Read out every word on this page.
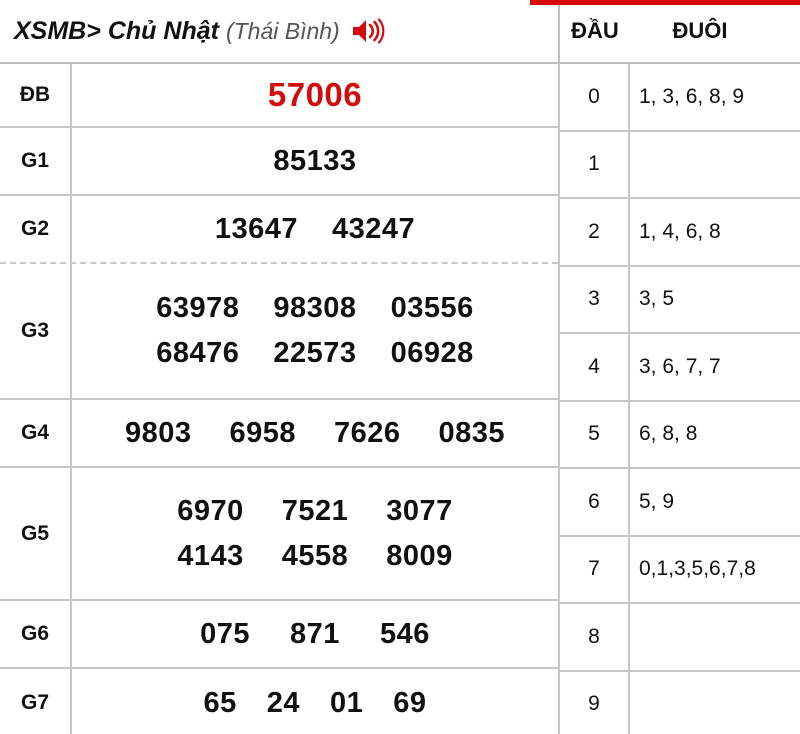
XSMB> Chủ Nhật (Thái Bình)	ĐẦU	ĐUÔI
ĐB	57006
G1	85133
G2	13647 43247
G3
63978 98308 03556
68476 22573 06928
G4	9803 6958 7626 0835
G5
6970 7521 3077
4143 4558 8009
G6	075 871 546
G7	65 24 01 69
0	1, 3, 6, 8, 9
1
2	1, 4, 6, 8
3	3, 5
4	3, 6, 7, 7
5	6, 8, 8
6	5, 9
7	0,1,3,5,6,7,8
8
9
